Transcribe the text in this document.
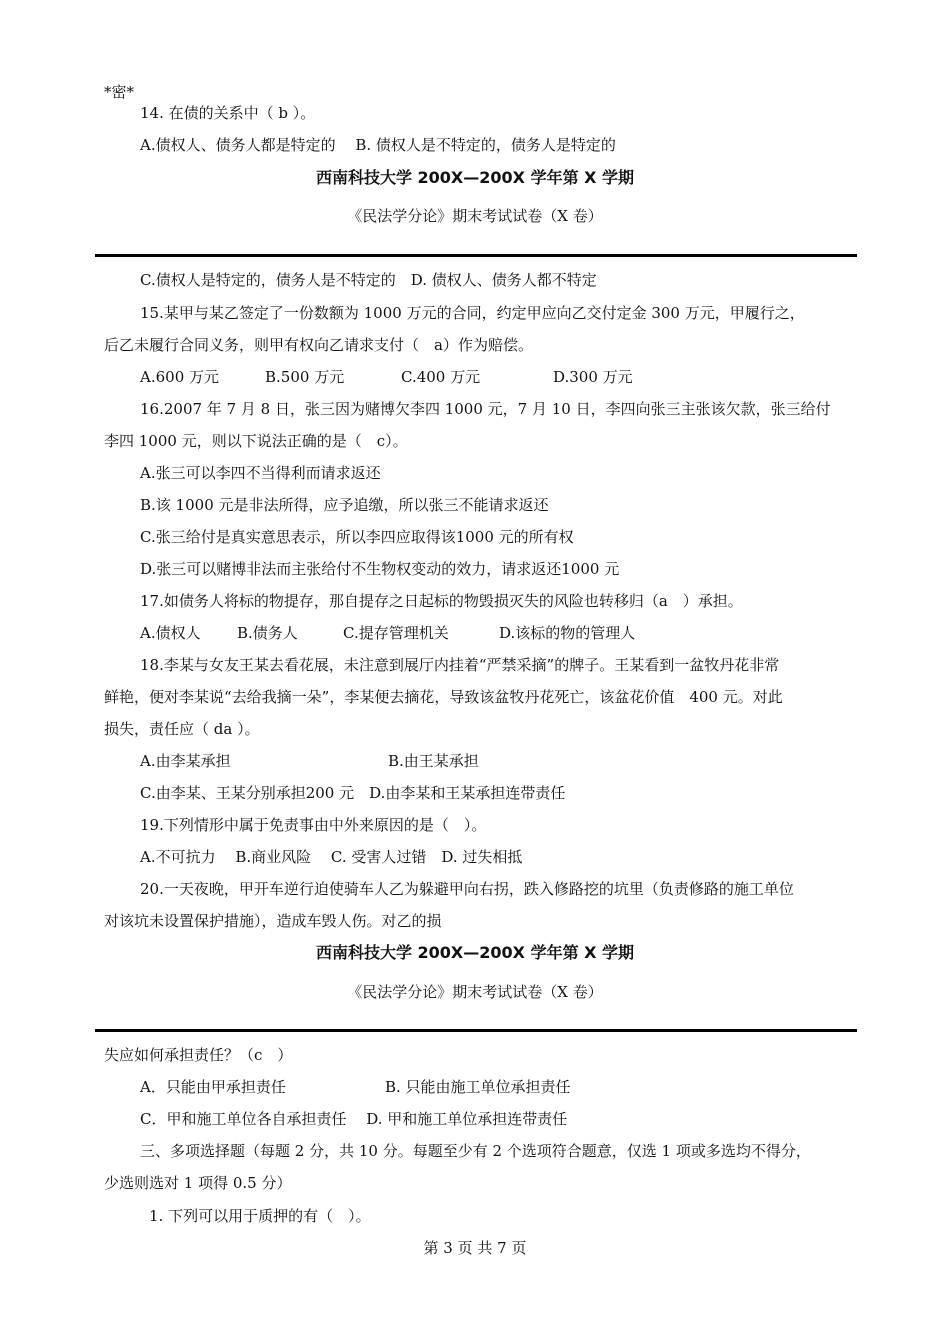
*密*
14. 在债的关系中（ b ）。
A.债权人、债务人都是特定的　 B. 债权人是不特定的，债务人是特定的
西南科技大学 200X—200X 学年第 X 学期
《民法学分论》期末考试试卷（X 卷）
C.债权人是特定的，债务人是不特定的　D. 债权人、债务人都不特定
15.某甲与某乙签定了一份数额为 1000 万元的合同，约定甲应向乙交付定金 300 万元，甲履行之，
后乙未履行合同义务，则甲有权向乙请求支付（　a）作为赔偿。
A.600 万元	B.500 万元	C.400 万元	D.300 万元
16.2007 年 7 月 8 日，张三因为赌博欠李四 1000 元，7 月 10 日，李四向张三主张该欠款，张三给付
李四 1000 元，则以下说法正确的是（　c）。
A.张三可以李四不当得利而请求返还
B.该 1000 元是非法所得，应予追缴，所以张三不能请求返还
C.张三给付是真实意思表示，所以李四应取得该1000 元的所有权
D.张三可以赌博非法而主张给付不生物权变动的效力，请求返还1000 元
17.如债务人将标的物提存，那自提存之日起标的物毁损灭失的风险也转移归（a　）承担。
A.债权人 B.债务人	C.提存管理机关	D.该标的物的管理人
18.李某与女友王某去看花展，未注意到展厅内挂着“严禁采摘”的牌子。王某看到一盆牧丹花非常
鲜艳，便对李某说“去给我摘一朵”，李某便去摘花，导致该盆牧丹花死亡，该盆花价值　400 元。对此
损失，责任应（ da ）。
A.由李某承担	B.由王某承担
C.由李某、王某分别承担200 元　D.由李某和王某承担连带责任
19.下列情形中属于免责事由中外来原因的是（　）。
A.不可抗力　 B.商业风险　 C. 受害人过错　D. 过失相抵
20.一天夜晚，甲开车逆行迫使骑车人乙为躲避甲向右拐，跌入修路挖的坑里（负责修路的施工单位
对该坑未设置保护措施），造成车毁人伤。对乙的损
西南科技大学 200X—200X 学年第 X 学期
《民法学分论》期末考试试卷（X 卷）
失应如何承担责任？（c　）
A．只能由甲承担责任	B. 只能由施工单位承担责任
C．甲和施工单位各自承担责任　 D. 甲和施工单位承担连带责任
三、多项选择题（每题 2 分，共 10 分。每题至少有 2 个选项符合题意，仅选 1 项或多选均不得分，
少选则选对 1 项得 0.5 分）
1. 下列可以用于质押的有（　）。
第 3 页 共 7 页
